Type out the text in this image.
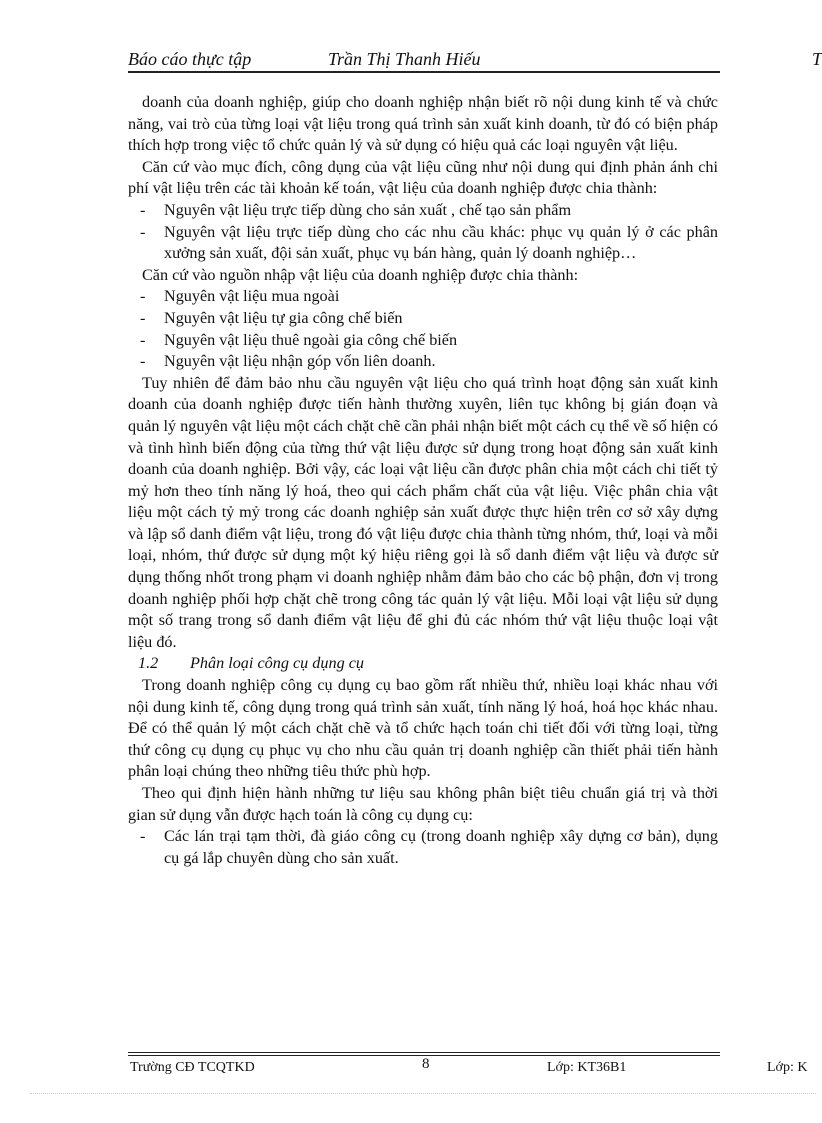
Báo cáo thực tập	Trần Thị Thanh Hiếu	T

doanh của doanh nghiệp, giúp cho doanh nghiệp nhận biết rõ nội dung kinh tế và chức năng, vai trò của từng loại vật liệu trong quá trình sản xuất kinh doanh, từ đó có biện pháp thích hợp trong việc tổ chức quản lý và sử dụng có hiệu quả các loại nguyên vật liệu.

Căn cứ vào mục đích, công dụng của vật liệu cũng như nội dung qui định phản ánh chi phí vật liệu trên các tài khoản kế toán, vật liệu của doanh nghiệp được chia thành:

- Nguyên vật liệu trực tiếp dùng cho sản xuất , chế tạo sản phẩm

- Nguyên vật liệu trực tiếp dùng cho các nhu cầu khác: phục vụ quản lý ở các phân xưởng sản xuất, đội sản xuất, phục vụ bán hàng, quản lý doanh nghiệp…

Căn cứ vào nguồn nhập vật liệu của doanh nghiệp được chia thành:

- Nguyên vật liệu mua ngoài

- Nguyên vật liệu tự gia công chế biến

- Nguyên vật liệu thuê ngoài gia công chế biến

- Nguyên vật liệu nhận góp vốn liên doanh.

Tuy nhiên để đảm bảo nhu cầu nguyên vật liệu cho quá trình hoạt động sản xuất kinh doanh của doanh nghiệp được tiến hành thường xuyên, liên tục không bị gián đoạn và quản lý nguyên vật liệu một cách chặt chẽ cần phải nhận biết một cách cụ thể về số hiện có và tình hình biến động của từng thứ vật liệu được sử dụng trong hoạt động sản xuất kinh doanh của doanh nghiệp. Bởi vậy, các loại vật liệu cần được phân chia một cách chi tiết tỷ mỷ hơn theo tính năng lý hoá, theo qui cách phẩm chất của vật liệu. Việc phân chia vật liệu một cách tỷ mỷ trong các doanh nghiệp sản xuất được thực hiện trên cơ sở xây dựng và lập sổ danh điểm vật liệu, trong đó vật liệu được chia thành từng nhóm, thứ, loại và mỗi loại, nhóm, thứ được sử dụng một ký hiệu riêng gọi là sổ danh điểm vật liệu và được sử dụng thống nhốt trong phạm vi doanh nghiệp nhằm đảm bảo cho các bộ phận, đơn vị trong doanh nghiệp phối hợp chặt chẽ trong công tác quản lý vật liệu. Mỗi loại vật liệu sử dụng một số trang trong sổ danh điểm vật liệu để ghi đủ các nhóm thứ vật liệu thuộc loại vật liệu đó.

1.2	Phân loại công cụ dụng cụ

Trong doanh nghiệp công cụ dụng cụ bao gồm rất nhiều thứ, nhiều loại khác nhau với nội dung kinh tế, công dụng trong quá trình sản xuất, tính năng lý hoá, hoá học khác nhau. Để có thể quản lý một cách chặt chẽ và tổ chức hạch toán chi tiết đối với từng loại, từng thứ công cụ dụng cụ phục vụ cho nhu cầu quản trị doanh nghiệp cần thiết phải tiến hành phân loại chúng theo những tiêu thức phù hợp.

Theo qui định hiện hành những tư liệu sau không phân biệt tiêu chuẩn giá trị và thời gian sử dụng vẫn được hạch toán là công cụ dụng cụ:

- Các lán trại tạm thời, đà giáo công cụ (trong doanh nghiệp xây dựng cơ bản), dụng cụ gá lắp chuyên dùng cho sản xuất.

Trường CĐ TCQTKD	8	Lớp: KT36B1	Lớp: K
